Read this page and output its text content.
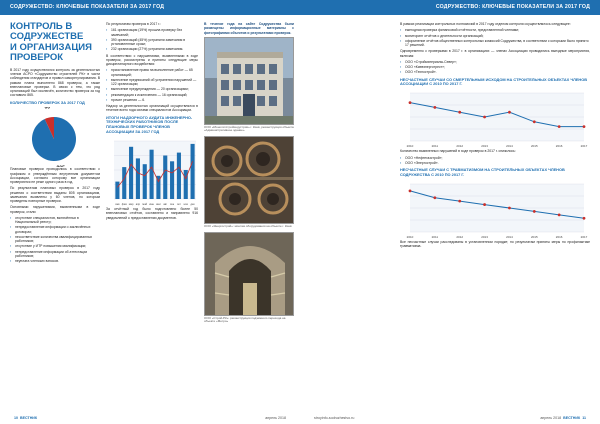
СОДРУЖЕСТВО: КЛЮЧЕВЫЕ ПОКАЗАТЕЛИ ЗА 2017 ГОД
КОНТРОЛЬ В СОДРУЖЕСТВЕ
И ОРГАНИЗАЦИЯ ПРОВЕРОК

В 2017 году осуществлялся контроль за деятельностью членов АСРО «Содружество строителей РК» в части соблюдения стандартов и правил саморегулирования. В рамках плана выполнено 868 проверок, а также внеплановые проверки. В связи с тем, что ряд организаций был исключён, количество проверок за год составило 865.

КОЛИЧЕСТВО ПРОВЕРОК ЗА 2017 ГОД
60

Плановые проверки проводились в соответствии с графиком и утверждённым внутренним документом Ассоциации, согласно которому все организации проверяются не реже одного раза в год.

По результатам плановых проверок в 2017 году решения о соответствии выданы 805 организациям, замечания выявлены у 60 членов, по которым проведены повторные проверки.

Основными нарушениями, выявленными в ходе проверок, стали:

▪ отсутствие специалистов, включённых в Национальный реестр;
▪ непредоставление информации о заключённых договорах;
▪ несоответствие количества квалифицированных работников;
▪ отсутствие у ИТР повышения квалификации;
▪ непредставление информации об аттестации работников;
▪ неуплата членских взносов.

По результатам проверок в 2017 г.:

▪ 161 организация (19%) прошла проверку без замечаний;
▪ 390 организаций (45%) устранили замечания в установленные сроки;
▪ 232 организации (27%) устранили замечания.

В соответствии с нарушениями, выявленными в ходе проверок, рассмотрены и приняты следующие меры дисциплинарного воздействия:

▪ приостановление права на выполнение работ — 65 организаций;
▪ вынесение предписаний об устранении нарушений — 122 организации;
▪ вынесение предупреждения — 20 организациям;
▪ рекомендация к исключению — 16 организаций;
▪ прочие решения — 6.

Надзор за деятельностью организаций осуществлялся в течение всего года силами специалистов Ассоциации.

ИТОГИ НАДЗОРНОГО АУДИТА ИНЖЕНЕРНО-ТЕХНИЧЕСКИХ РАБОТНИКОВ ПОСЛЕ ПЛАНОВЫХ ПРОВЕРОК ЧЛЕНОВ АССОЦИАЦИИ ЗА 2017 ГОД
янв фев мар апр май июн июл авг сен окт	ноя дек

За отчётный год было подготовлено более 50 внеплановых отчётов, составлено и направлено 916 уведомлений о предоставлении документов.

В течение года на сайте Содружества были размещены информационные материалы с фотографиями объектов и результатами проверок.

ООО «Монолитстройиндустрия» г. Киев, реконструкция объекта «Административное здание»
ООО «Энергострой»: монтаж оборудования на объекте г. Киев
ООО «Строй-РК»: реконструкция подземного перехода на объекте «Метро»
10 ВЕСТНИК	апрель 2018
СОДРУЖЕСТВО: КЛЮЧЕВЫЕ ПОКАЗАТЕЛИ ЗА 2017 ГОД

В рамках реализации контрольных полномочий в 2017 году отделом контроля осуществлялось следующее:

▪ ежегодная проверка финансовой отчётности, представленной членами;
▪ мониторинг отчётов о деятельности организаций;
▪ оформление отчётов общественных контрольных комиссий Содружества, в соответствии с которыми было принято 17 решений.

Одновременно с проверками в 2017 г. в организациях — членах Ассоциации проводились выездные мероприятия, включая:

▪ ООО «Стройматериалы-Север»;
▪ ООО «Киевэнерготрест»;
▪ ООО «Технострой».
НЕСЧАСТНЫЕ СЛУЧАИ СО СМЕРТЕЛЬНЫМ ИСХОДОМ НА СТРОИТЕЛЬНЫХ ОБЪЕКТАХ ЧЛЕНОВ АССОЦИАЦИИ С 2010 ПО 2017 Г.
2010	2011	2012	2013	2014	2015	2016	2017

Количество выявленных нарушений в ходе проверок в 2017 г. снизилось:

▪ ООО «Нефтегазстрой»;
▪ ООО «Энергострой».
НЕСЧАСТНЫЕ СЛУЧАИ С ТРАВМАТИЗМОМ НА СТРОИТЕЛЬНЫХ ОБЪЕКТАХ ЧЛЕНОВ СОДРУЖЕСТВА С 2010 ПО 2017 Г.
2010	2011	2012	2013	2014	2015	2016	2017

Все несчастные случаи расследованы в установленном порядке; по результатам приняты меры по профилактике травматизма.

stroyinfo-sodruzhestvo.ru	апрель 2018 ВЕСТНИК 11
